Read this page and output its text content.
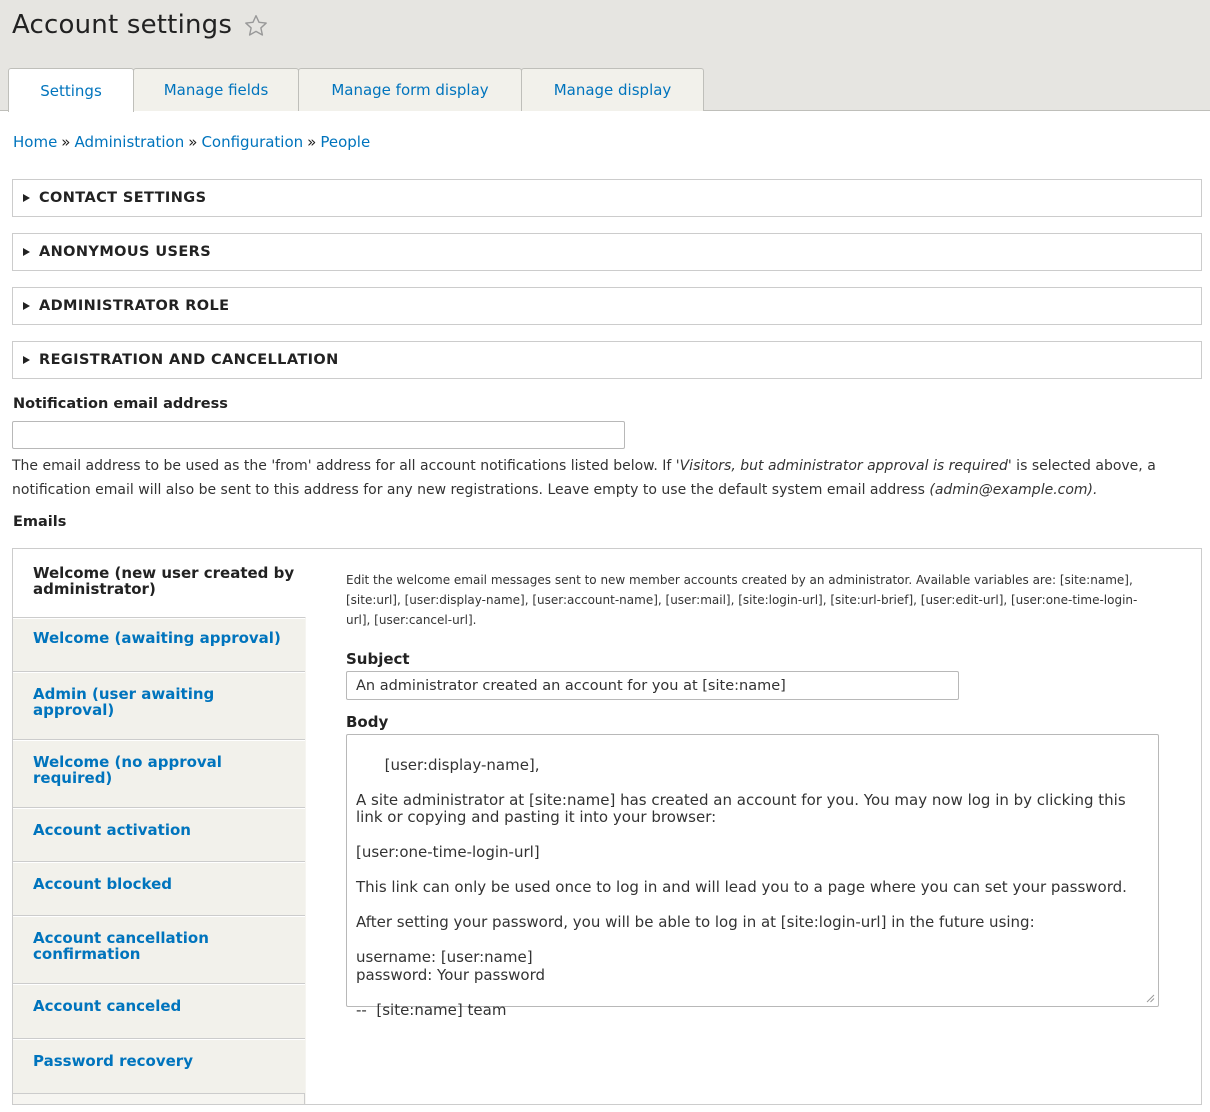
Account settings
Settings	Manage fields	Manage form display	Manage display
Home » Administration » Configuration » People
CONTACT SETTINGS
ANONYMOUS USERS
ADMINISTRATOR ROLE
REGISTRATION AND CANCELLATION
Notification email address
The email address to be used as the 'from' address for all account notifications listed below. If 'Visitors, but administrator approval is required' is selected above, a notification email will also be sent to this address for any new registrations. Leave empty to use the default system email address (admin@example.com).
Emails
Welcome (new user created by
administrator)
Welcome (awaiting approval)
Admin (user awaiting
approval)
Welcome (no approval
required)
Account activation
Account blocked
Account cancellation
confirmation
Account canceled
Password recovery
Edit the welcome email messages sent to new member accounts created by an administrator. Available variables are: [site:name], [site:url], [user:display-name], [user:account-name], [user:mail], [site:login-url], [site:url-brief], [user:edit-url], [user:one-time-login-url], [user:cancel-url].
Subject
An administrator created an account for you at [site:name]
Body

[user:display-name],

A site administrator at [site:name] has created an account for you. You may now log in by clicking this
link or copying and pasting it into your browser:

[user:one-time-login-url]

This link can only be used once to log in and will lead you to a page where you can set your password.

After setting your password, you will be able to log in at [site:login-url] in the future using:

username: [user:name]
password: Your password

--  [site:name] team
